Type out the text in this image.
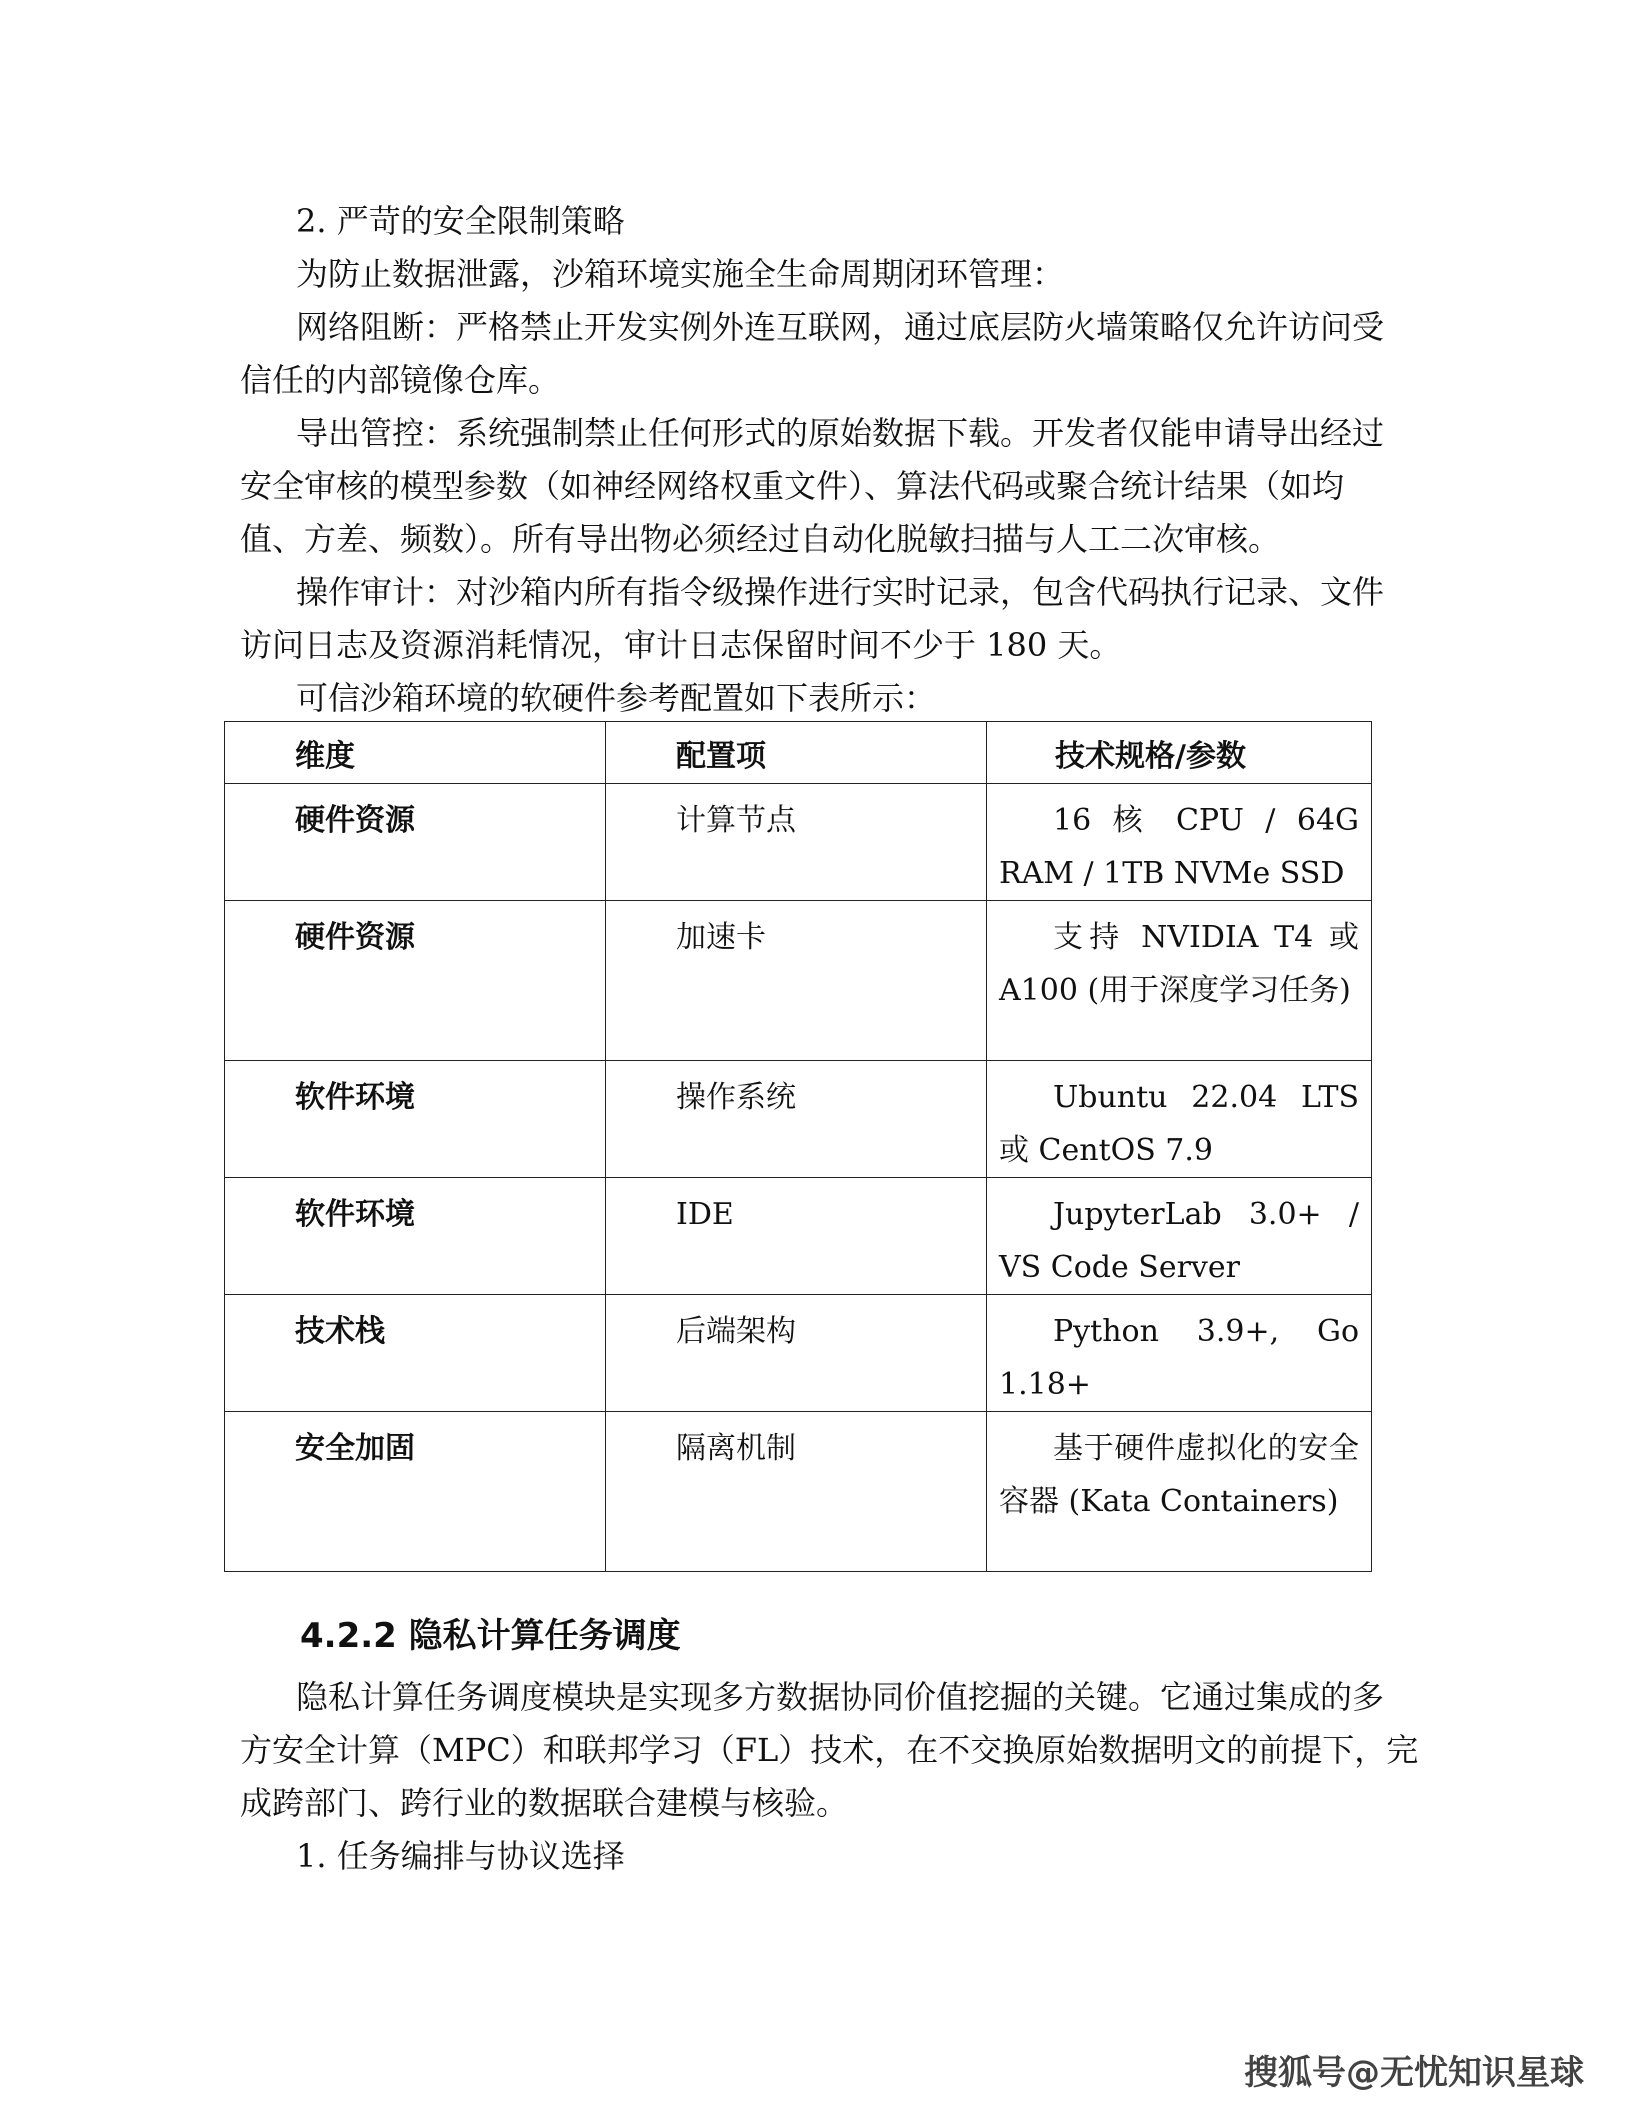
2. 严苛的安全限制策略

为防止数据泄露，沙箱环境实施全生命周期闭环管理：

网络阻断：严格禁止开发实例外连互联网，通过底层防火墙策略仅允许访问受

信任的内部镜像仓库。

导出管控：系统强制禁止任何形式的原始数据下载。开发者仅能申请导出经过

安全审核的模型参数（如神经网络权重文件）、算法代码或聚合统计结果（如均

值、方差、频数）。所有导出物必须经过自动化脱敏扫描与人工二次审核。

操作审计：对沙箱内所有指令级操作进行实时记录，包含代码执行记录、文件

访问日志及资源消耗情况，审计日志保留时间不少于 180 天。

可信沙箱环境的软硬件参考配置如下表所示：

维度	配置项	技术规格/参数
硬件资源	计算节点	16 核 CPU / 64G RAM / 1TB NVMe SSD

硬件资源	加速卡	支持 NVIDIA T4 或 A100 (用于深度学习任务)

软件环境	操作系统	Ubuntu 22.04 LTS 或 CentOS 7.9

软件环境	IDE	JupyterLab 3.0+ / VS Code Server

技术栈	后端架构	Python 3.9+, Go 1.18+

安全加固	隔离机制	基于硬件虚拟化的安全容器 (Kata Containers)
4.2.2 隐私计算任务调度

隐私计算任务调度模块是实现多方数据协同价值挖掘的关键。它通过集成的多

方安全计算（MPC）和联邦学习（FL）技术，在不交换原始数据明文的前提下，完

成跨部门、跨行业的数据联合建模与核验。

1. 任务编排与协议选择

搜狐号@无忧知识星球
